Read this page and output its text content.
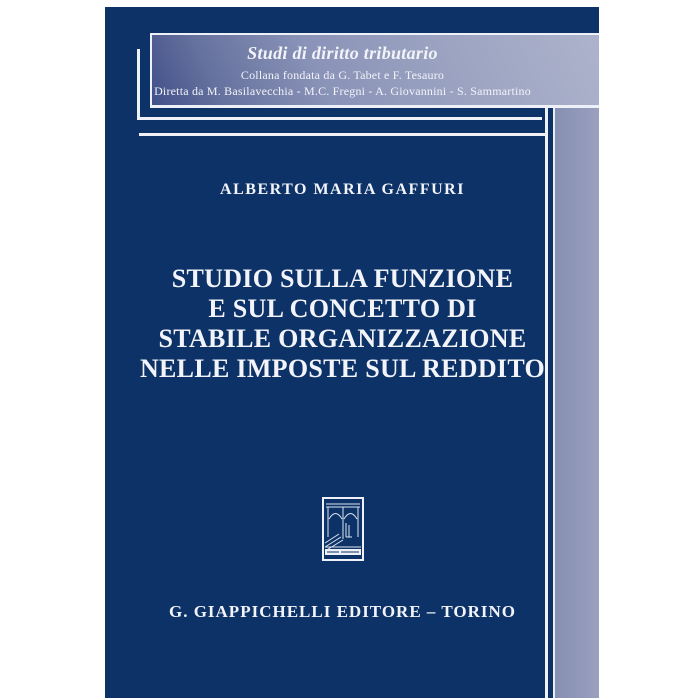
Studi di diritto tributario
Collana fondata da G. Tabet e F. Tesauro
Diretta da M. Basilavecchia - M.C. Fregni - A. Giovannini - S. Sammartino
ALBERTO MARIA GAFFURI
STUDIO SULLA FUNZIONE
E SUL CONCETTO DI
STABILE ORGANIZZAZIONE
NELLE IMPOSTE SUL REDDITO
G. GIAPPICHELLI EDITORE – TORINO
